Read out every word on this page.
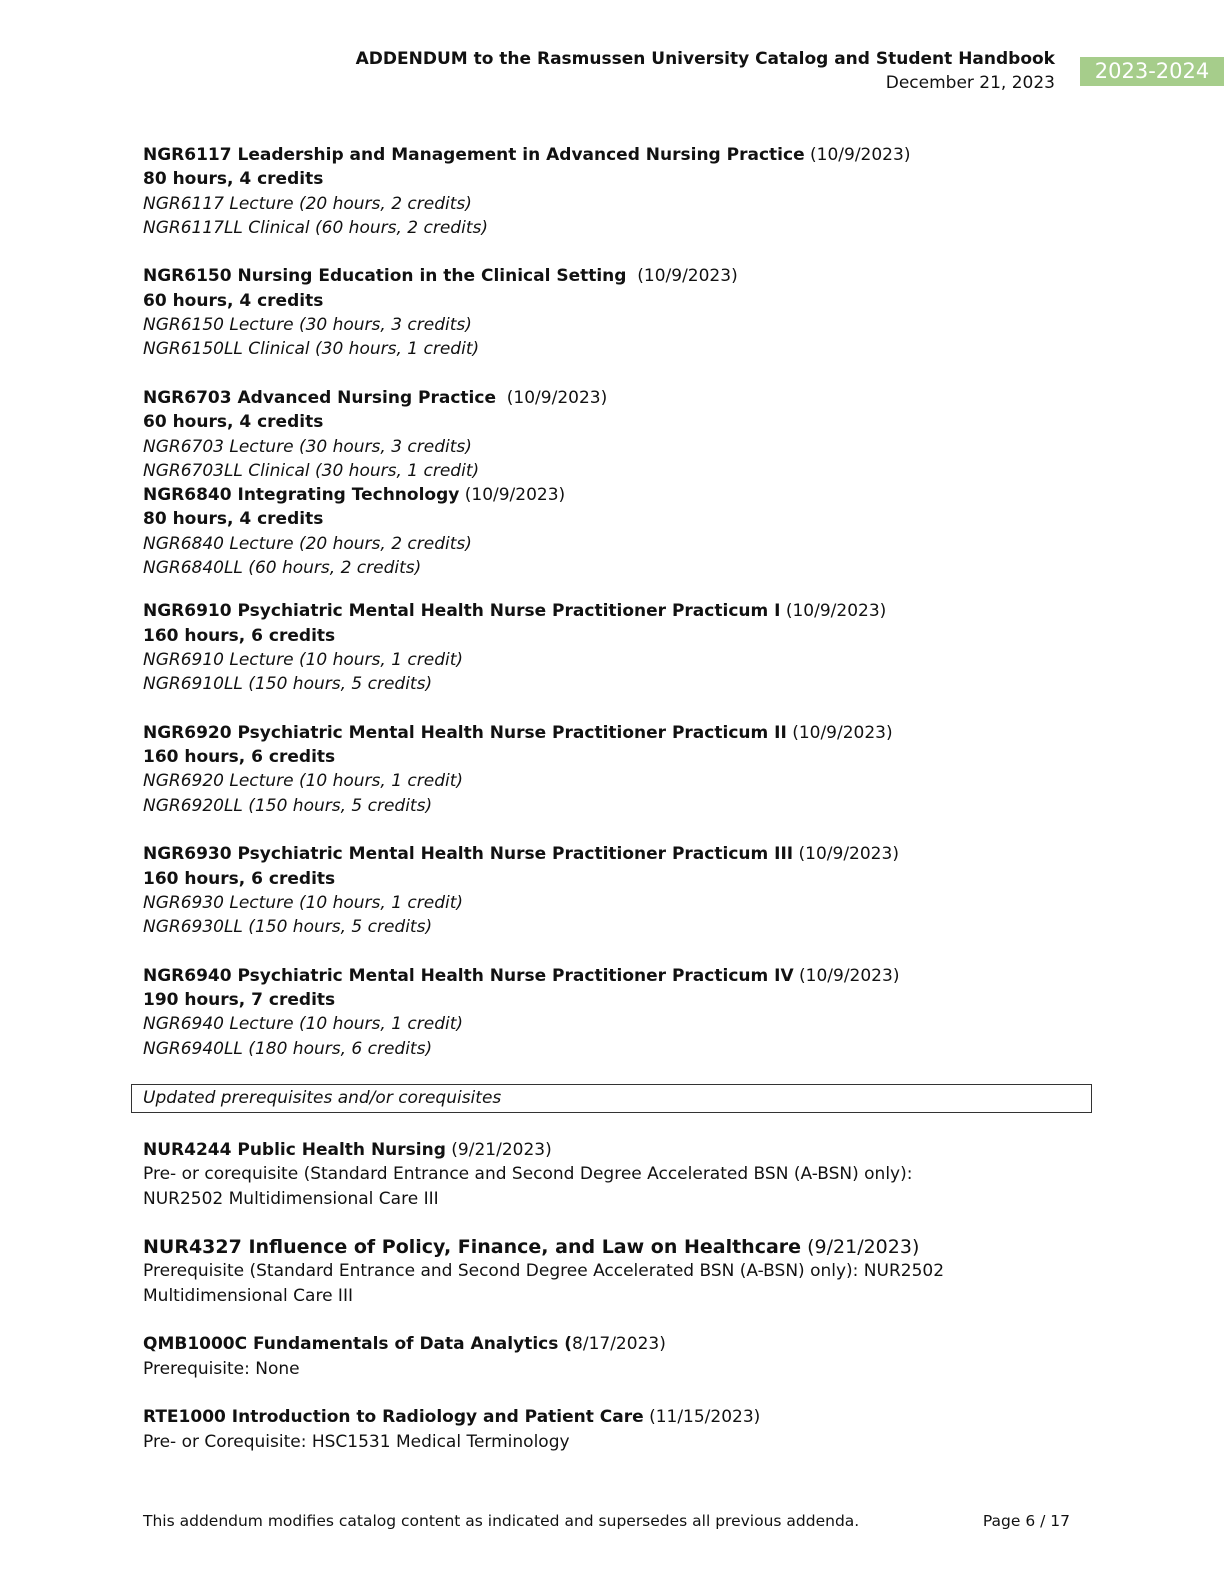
ADDENDUM to the Rasmussen University Catalog and Student Handbook
December 21, 2023	2023-2024
NGR6117 Leadership and Management in Advanced Nursing Practice (10/9/2023)
80 hours, 4 credits
NGR6117 Lecture (20 hours, 2 credits)
NGR6117LL Clinical (60 hours, 2 credits)
NGR6150 Nursing Education in the Clinical Setting (10/9/2023)
60 hours, 4 credits
NGR6150 Lecture (30 hours, 3 credits)
NGR6150LL Clinical (30 hours, 1 credit)
NGR6703 Advanced Nursing Practice (10/9/2023)
60 hours, 4 credits
NGR6703 Lecture (30 hours, 3 credits)
NGR6703LL Clinical (30 hours, 1 credit)
NGR6840 Integrating Technology (10/9/2023)
80 hours, 4 credits
NGR6840 Lecture (20 hours, 2 credits)
NGR6840LL (60 hours, 2 credits)
NGR6910 Psychiatric Mental Health Nurse Practitioner Practicum I (10/9/2023)
160 hours, 6 credits
NGR6910 Lecture (10 hours, 1 credit)
NGR6910LL (150 hours, 5 credits)
NGR6920 Psychiatric Mental Health Nurse Practitioner Practicum II (10/9/2023)
160 hours, 6 credits
NGR6920 Lecture (10 hours, 1 credit)
NGR6920LL (150 hours, 5 credits)
NGR6930 Psychiatric Mental Health Nurse Practitioner Practicum III (10/9/2023)
160 hours, 6 credits
NGR6930 Lecture (10 hours, 1 credit)
NGR6930LL (150 hours, 5 credits)
NGR6940 Psychiatric Mental Health Nurse Practitioner Practicum IV (10/9/2023)
190 hours, 7 credits
NGR6940 Lecture (10 hours, 1 credit)
NGR6940LL (180 hours, 6 credits)
Updated prerequisites and/or corequisites
NUR4244 Public Health Nursing (9/21/2023)
Pre- or corequisite (Standard Entrance and Second Degree Accelerated BSN (A-BSN) only): NUR2502 Multidimensional Care III
NUR4327 Influence of Policy, Finance, and Law on Healthcare (9/21/2023)
Prerequisite (Standard Entrance and Second Degree Accelerated BSN (A-BSN) only): NUR2502 Multidimensional Care III
QMB1000C Fundamentals of Data Analytics (8/17/2023)
Prerequisite: None
RTE1000 Introduction to Radiology and Patient Care (11/15/2023)
Pre- or Corequisite: HSC1531 Medical Terminology
This addendum modifies catalog content as indicated and supersedes all previous addenda.	Page 6 / 17
